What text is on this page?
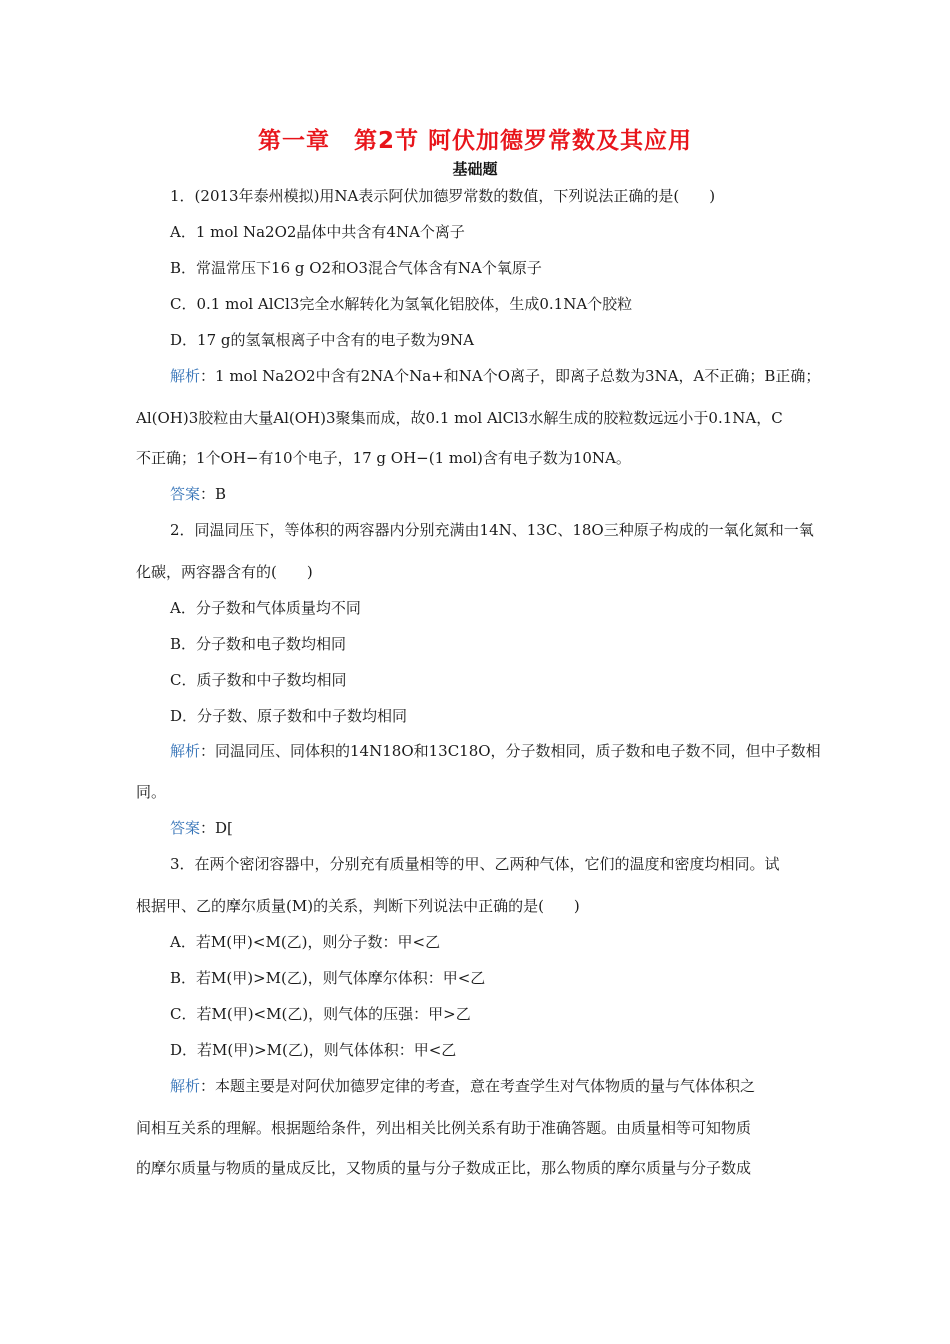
第一章　第2节 阿伏加德罗常数及其应用
基础题
1．(2013年泰州模拟)用NA表示阿伏加德罗常数的数值，下列说法正确的是(　　)
A．1 mol Na2O2晶体中共含有4NA个离子
B．常温常压下16 g O2和O3混合气体含有NA个氧原子
C．0.1 mol AlCl3完全水解转化为氢氧化铝胶体，生成0.1NA个胶粒
D．17 g的氢氧根离子中含有的电子数为9NA
解析：1 mol Na2O2中含有2NA个Na+和NA个O离子，即离子总数为3NA，A不正确；B正确；
Al(OH)3胶粒由大量Al(OH)3聚集而成，故0.1 mol AlCl3水解生成的胶粒数远远小于0.1NA，C
不正确；1个OH−有10个电子，17 g OH−(1 mol)含有电子数为10NA。
答案：B
2．同温同压下，等体积的两容器内分别充满由14N、13C、18O三种原子构成的一氧化氮和一氧
化碳，两容器含有的(　　)
A．分子数和气体质量均不同
B．分子数和电子数均相同
C．质子数和中子数均相同
D．分子数、原子数和中子数均相同
解析：同温同压、同体积的14N18O和13C18O，分子数相同，质子数和电子数不同，但中子数相
同。
答案：D[
3．在两个密闭容器中，分别充有质量相等的甲、乙两种气体，它们的温度和密度均相同。试
根据甲、乙的摩尔质量(M)的关系，判断下列说法中正确的是(　　)
A．若M(甲)<M(乙)，则分子数：甲<乙
B．若M(甲)>M(乙)，则气体摩尔体积：甲<乙
C．若M(甲)<M(乙)，则气体的压强：甲>乙
D．若M(甲)>M(乙)，则气体体积：甲<乙
解析：本题主要是对阿伏加德罗定律的考查，意在考查学生对气体物质的量与气体体积之
间相互关系的理解。根据题给条件，列出相关比例关系有助于准确答题。由质量相等可知物质
的摩尔质量与物质的量成反比，又物质的量与分子数成正比，那么物质的摩尔质量与分子数成
